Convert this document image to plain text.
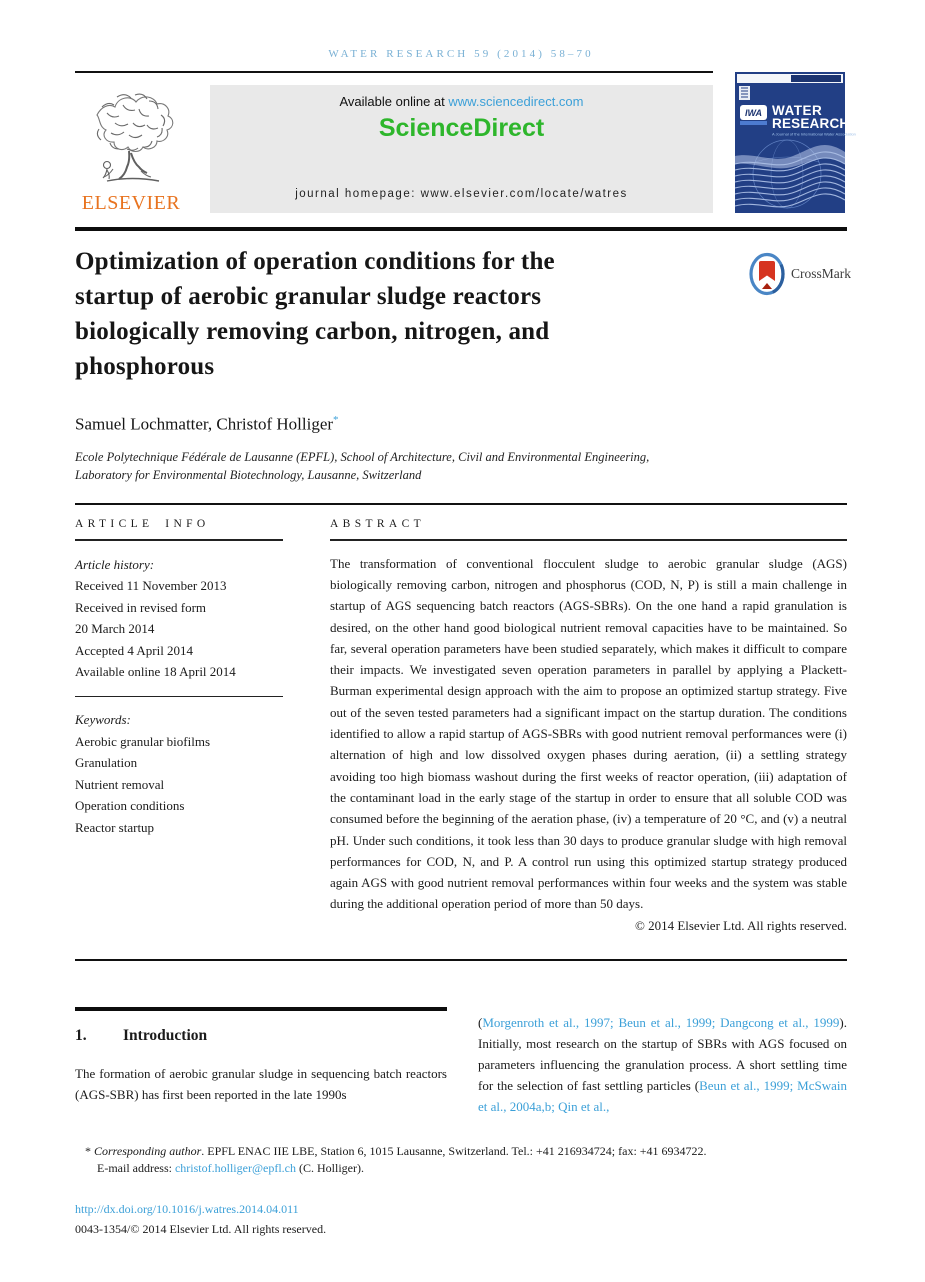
WATER RESEARCH 59 (2014) 58–70
ELSEVIER
Available online at www.sciencedirect.com
ScienceDirect
journal homepage: www.elsevier.com/locate/watres
IWA WATER
RESEARCH
A Journal of the International Water Association
Optimization of operation conditions for the
startup of aerobic granular sludge reactors
biologically removing carbon, nitrogen, and
phosphorous
CrossMark
Samuel Lochmatter, Christof Holliger*
Ecole Polytechnique Fédérale de Lausanne (EPFL), School of Architecture, Civil and Environmental Engineering,
Laboratory for Environmental Biotechnology, Lausanne, Switzerland
ARTICLE INFO
Article history:
Received 11 November 2013
Received in revised form
20 March 2014
Accepted 4 April 2014
Available online 18 April 2014
Keywords:
Aerobic granular biofilms
Granulation
Nutrient removal
Operation conditions
Reactor startup
ABSTRACT
The transformation of conventional flocculent sludge to aerobic granular sludge (AGS) biologically removing carbon, nitrogen and phosphorus (COD, N, P) is still a main challenge in startup of AGS sequencing batch reactors (AGS-SBRs). On the one hand a rapid granulation is desired, on the other hand good biological nutrient removal capacities have to be maintained. So far, several operation parameters have been studied separately, which makes it difficult to compare their impacts. We investigated seven operation parameters in parallel by applying a Plackett-Burman experimental design approach with the aim to propose an optimized startup strategy. Five out of the seven tested parameters had a significant impact on the startup duration. The conditions identified to allow a rapid startup of AGS-SBRs with good nutrient removal performances were (i) alternation of high and low dissolved oxygen phases during aeration, (ii) a settling strategy avoiding too high biomass washout during the first weeks of reactor operation, (iii) adaptation of the contaminant load in the early stage of the startup in order to ensure that all soluble COD was consumed before the beginning of the aeration phase, (iv) a temperature of 20 °C, and (v) a neutral pH. Under such conditions, it took less than 30 days to produce granular sludge with high removal performances for COD, N, and P. A control run using this optimized startup strategy produced again AGS with good nutrient removal performances within four weeks and the system was stable during the additional operation period of more than 50 days.
© 2014 Elsevier Ltd. All rights reserved.
1.	Introduction
The formation of aerobic granular sludge in sequencing batch reactors (AGS-SBR) has first been reported in the late 1990s
(Morgenroth et al., 1997; Beun et al., 1999; Dangcong et al., 1999). Initially, most research on the startup of SBRs with AGS focused on parameters influencing the granulation process. A short settling time for the selection of fast settling particles (Beun et al., 1999; McSwain et al., 2004a,b; Qin et al.,
* Corresponding author. EPFL ENAC IIE LBE, Station 6, 1015 Lausanne, Switzerland. Tel.: +41 216934724; fax: +41 6934722.
E-mail address: christof.holliger@epfl.ch (C. Holliger).
http://dx.doi.org/10.1016/j.watres.2014.04.011
0043-1354/© 2014 Elsevier Ltd. All rights reserved.
